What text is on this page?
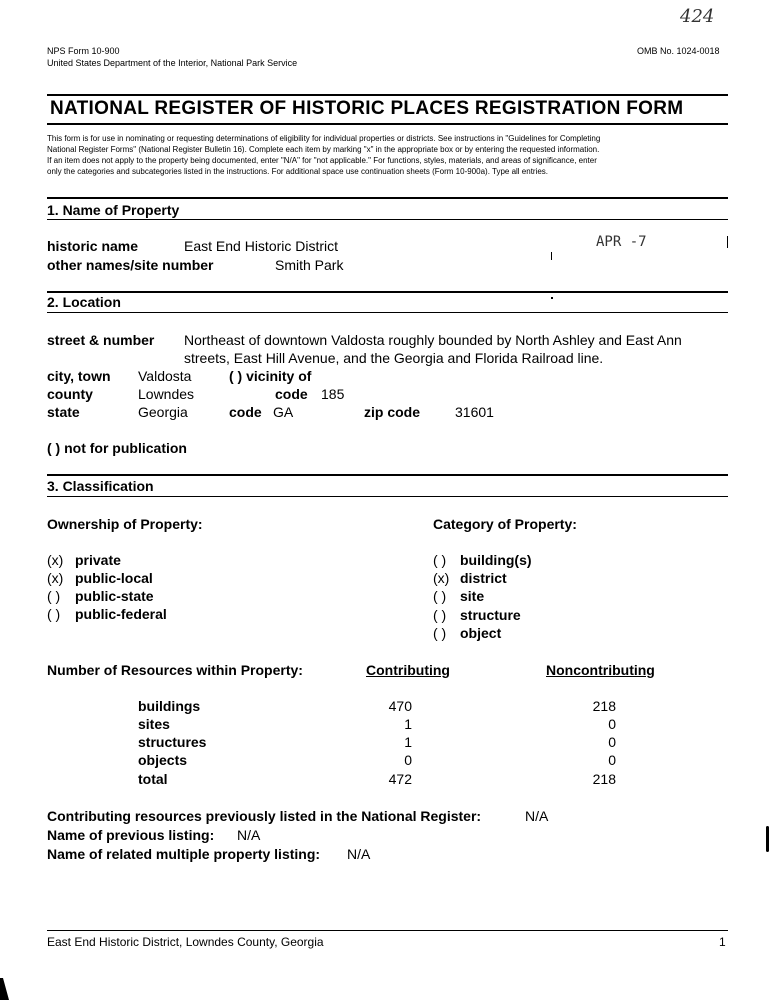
424
NPS Form 10-900
United States Department of the Interior, National Park Service
OMB No. 1024-0018
NATIONAL REGISTER OF HISTORIC PLACES REGISTRATION FORM
This form is for use in nominating or requesting determinations of eligibility for individual properties or districts. See instructions in "Guidelines for Completing
National Register Forms" (National Register Bulletin 16). Complete each item by marking "x" in the appropriate box or by entering the requested information.
If an item does not apply to the property being documented, enter "N/A" for "not applicable." For functions, styles, materials, and areas of significance, enter
only the categories and subcategories listed in the instructions. For additional space use continuation sheets (Form 10-900a). Type all entries.
1. Name of Property
historic name	East End Historic District
other names/site number	Smith Park
APR -7
2. Location
street & number Northeast of downtown Valdosta roughly bounded by North Ashley and East Ann
streets, East Hill Avenue, and the Georgia and Florida Railroad line.
city, town Valdosta	( ) vicinity of
county	Lowndes	code 185
state	Georgia	code GA	zip code 31601
( ) not for publication
3. Classification
Ownership of Property:	Category of Property:
(x) private
(x) public-local
( ) public-state
( ) public-federal
( ) building(s)
(x) district
( ) site
( ) structure
( ) object
Number of Resources within Property:	Contributing	Noncontributing
buildings	470	218
sites	1	0
structures	1	0
objects	0	0
total	472	218
Contributing resources previously listed in the National Register:	N/A
Name of previous listing: N/A
Name of related multiple property listing: N/A
East End Historic District, Lowndes County, Georgia	1
